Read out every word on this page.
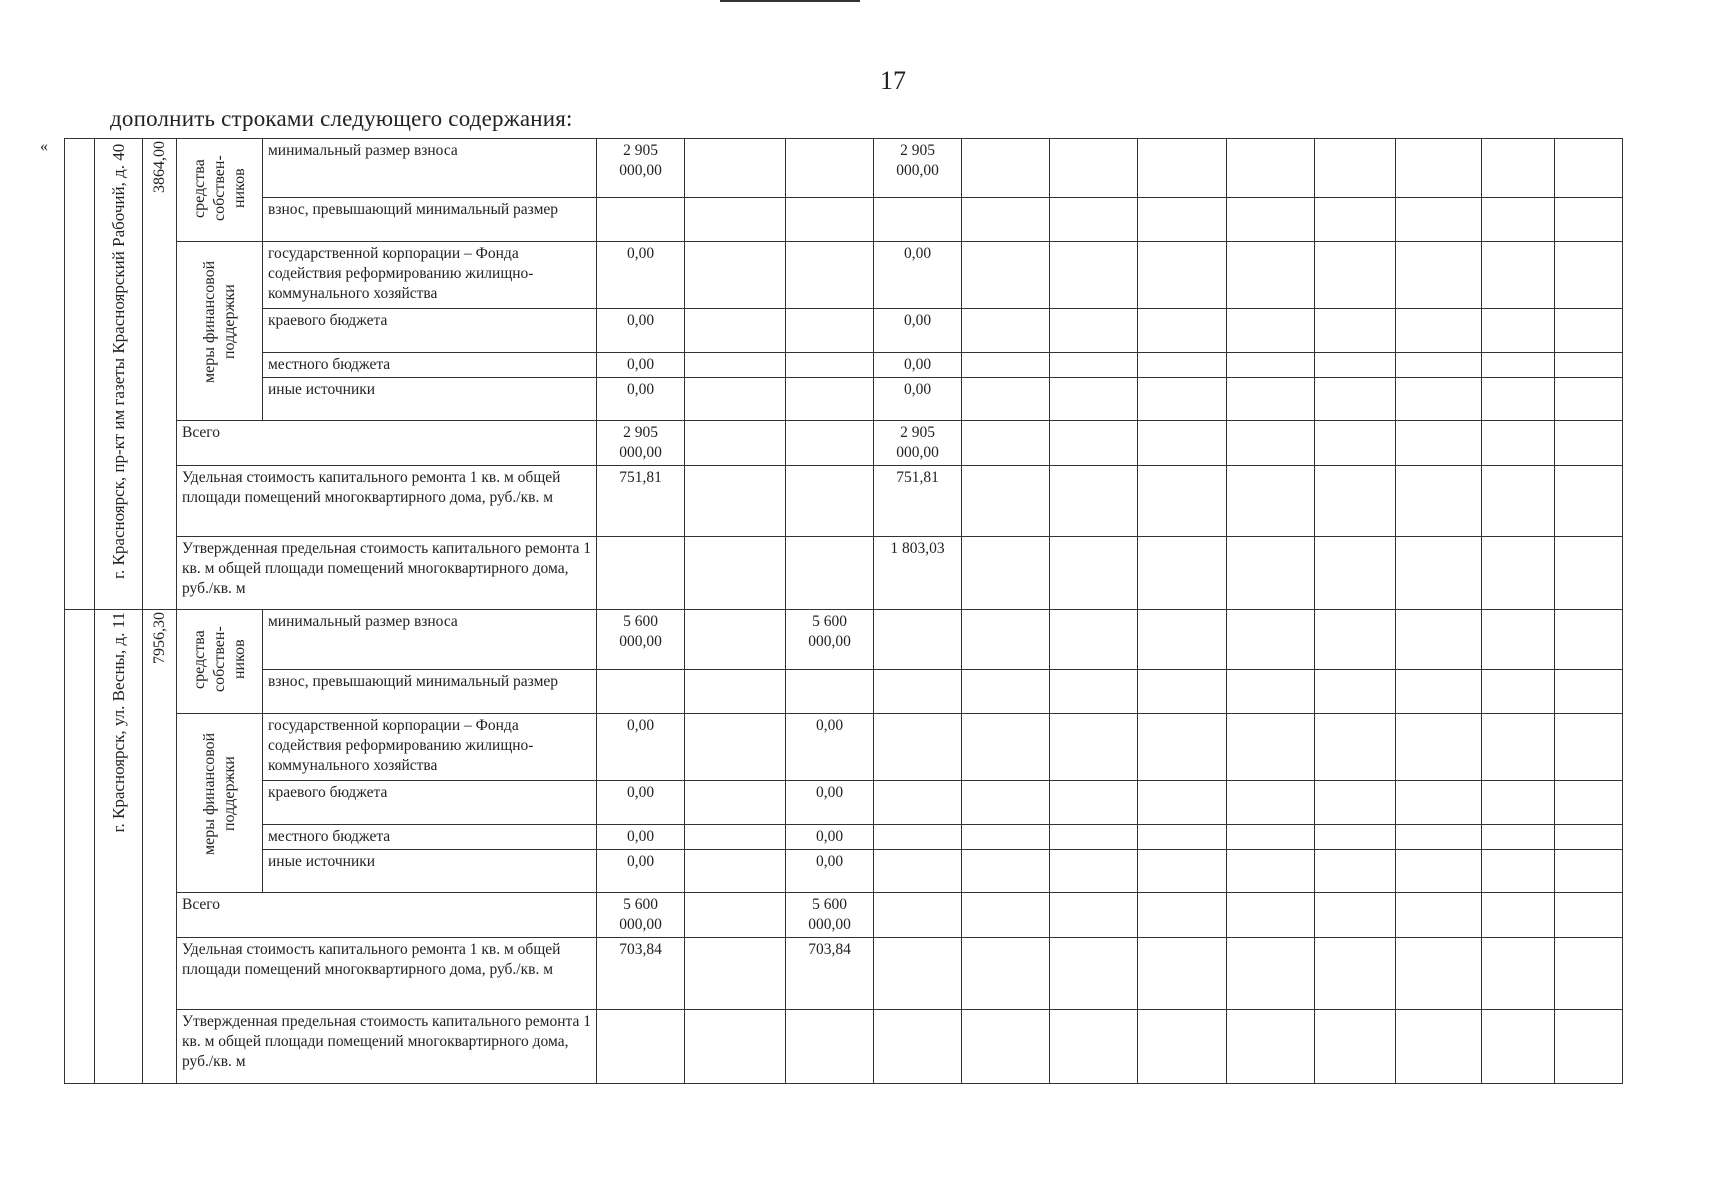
17
дополнить строками следующего содержания:
«

	г. Красноярск, пр-кт им газеты Красноярский Рабочий, д. 40	3864,00	средства собствен-ников	минимальный размер взноса	2 905 000,00			2 905 000,00								
				взнос, превышающий минимальный размер												

			меры финансовой поддержки	государственной корпорации – Фонда содействия реформированию жилищно-коммунального хозяйства	0,00			0,00								
				краевого бюджета	0,00			0,00								
				местного бюджета	0,00			0,00								
				иные источники	0,00			0,00								
			Всего		2 905 000,00			2 905 000,00								
			Удельная стоимость капитального ремонта 1 кв. м общей площади помещений многоквартирного дома, руб./кв. м		751,81			751,81								
			Утвержденная предельная стоимость капитального ремонта 1 кв. м общей площади помещений многоквартирного дома, руб./кв. м					1 803,03								

	г. Красноярск, ул. Весны, д. 11	7956,30	средства собствен-ников	минимальный размер взноса	5 600 000,00		5 600 000,00									
				взнос, превышающий минимальный размер												

			меры финансовой поддержки	государственной корпорации – Фонда содействия реформированию жилищно-коммунального хозяйства	0,00		0,00									
				краевого бюджета	0,00		0,00									
				местного бюджета	0,00		0,00									
				иные источники	0,00		0,00									
			Всего		5 600 000,00		5 600 000,00									
			Удельная стоимость капитального ремонта 1 кв. м общей площади помещений многоквартирного дома, руб./кв. м		703,84		703,84									
			Утвержденная предельная стоимость капитального ремонта 1 кв. м общей площади помещений многоквартирного дома, руб./кв. м													
